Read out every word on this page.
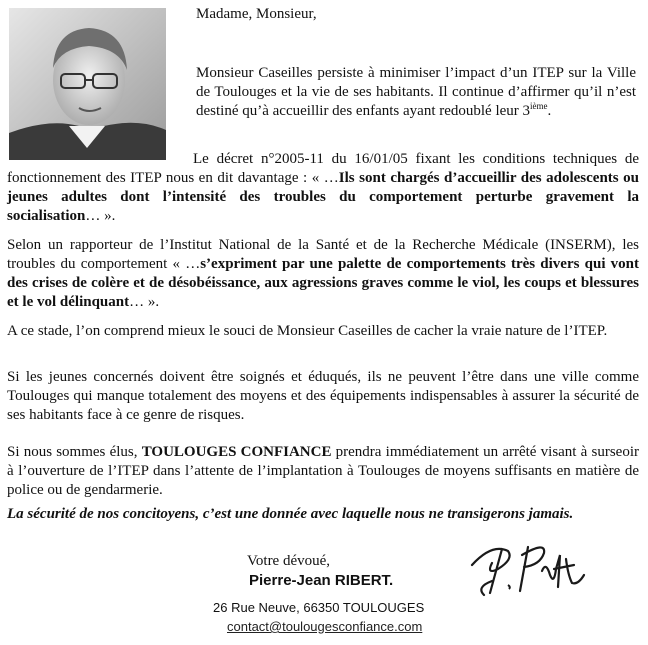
Madame, Monsieur,

Monsieur Caseilles persiste à minimiser l’impact d’un ITEP sur la Ville de Toulouges et la vie de ses habitants. Il continue d’affirmer qu’il n’est destiné qu’à accueillir des enfants ayant redoublé leur 3ième.

Le décret n°2005-11 du 16/01/05 fixant les conditions techniques de fonctionnement des ITEP nous en dit davantage : « …Ils sont chargés d’accueillir des adolescents ou jeunes adultes dont l’intensité des troubles du comportement perturbe gravement la socialisation… ».

Selon un rapporteur de l’Institut National de la Santé et de la Recherche Médicale (INSERM), les troubles du comportement « …s’expriment par une palette de comportements très divers qui vont des crises de colère et de désobéissance, aux agressions graves comme le viol, les coups et blessures et le vol délinquant… ».

A ce stade, l’on comprend mieux le souci de Monsieur Caseilles de cacher la vraie nature de l’ITEP.

Si les jeunes concernés doivent être soignés et éduqués, ils ne peuvent l’être dans une ville comme Toulouges qui manque totalement des moyens et des équipements indispensables à assurer la sécurité de ses habitants face à ce genre de risques.

Si nous sommes élus, TOULOUGES CONFIANCE prendra immédiatement un arrêté visant à surseoir à l’ouverture de l’ITEP dans l’attente de l’implantation à Toulouges de moyens suffisants en matière de police ou de gendarmerie.

La sécurité de nos concitoyens, c’est une donnée avec laquelle nous ne transigerons jamais.

Votre dévoué,
Pierre-Jean RIBERT.
26 Rue Neuve, 66350 TOULOUGES
contact@toulougesconfiance.com
